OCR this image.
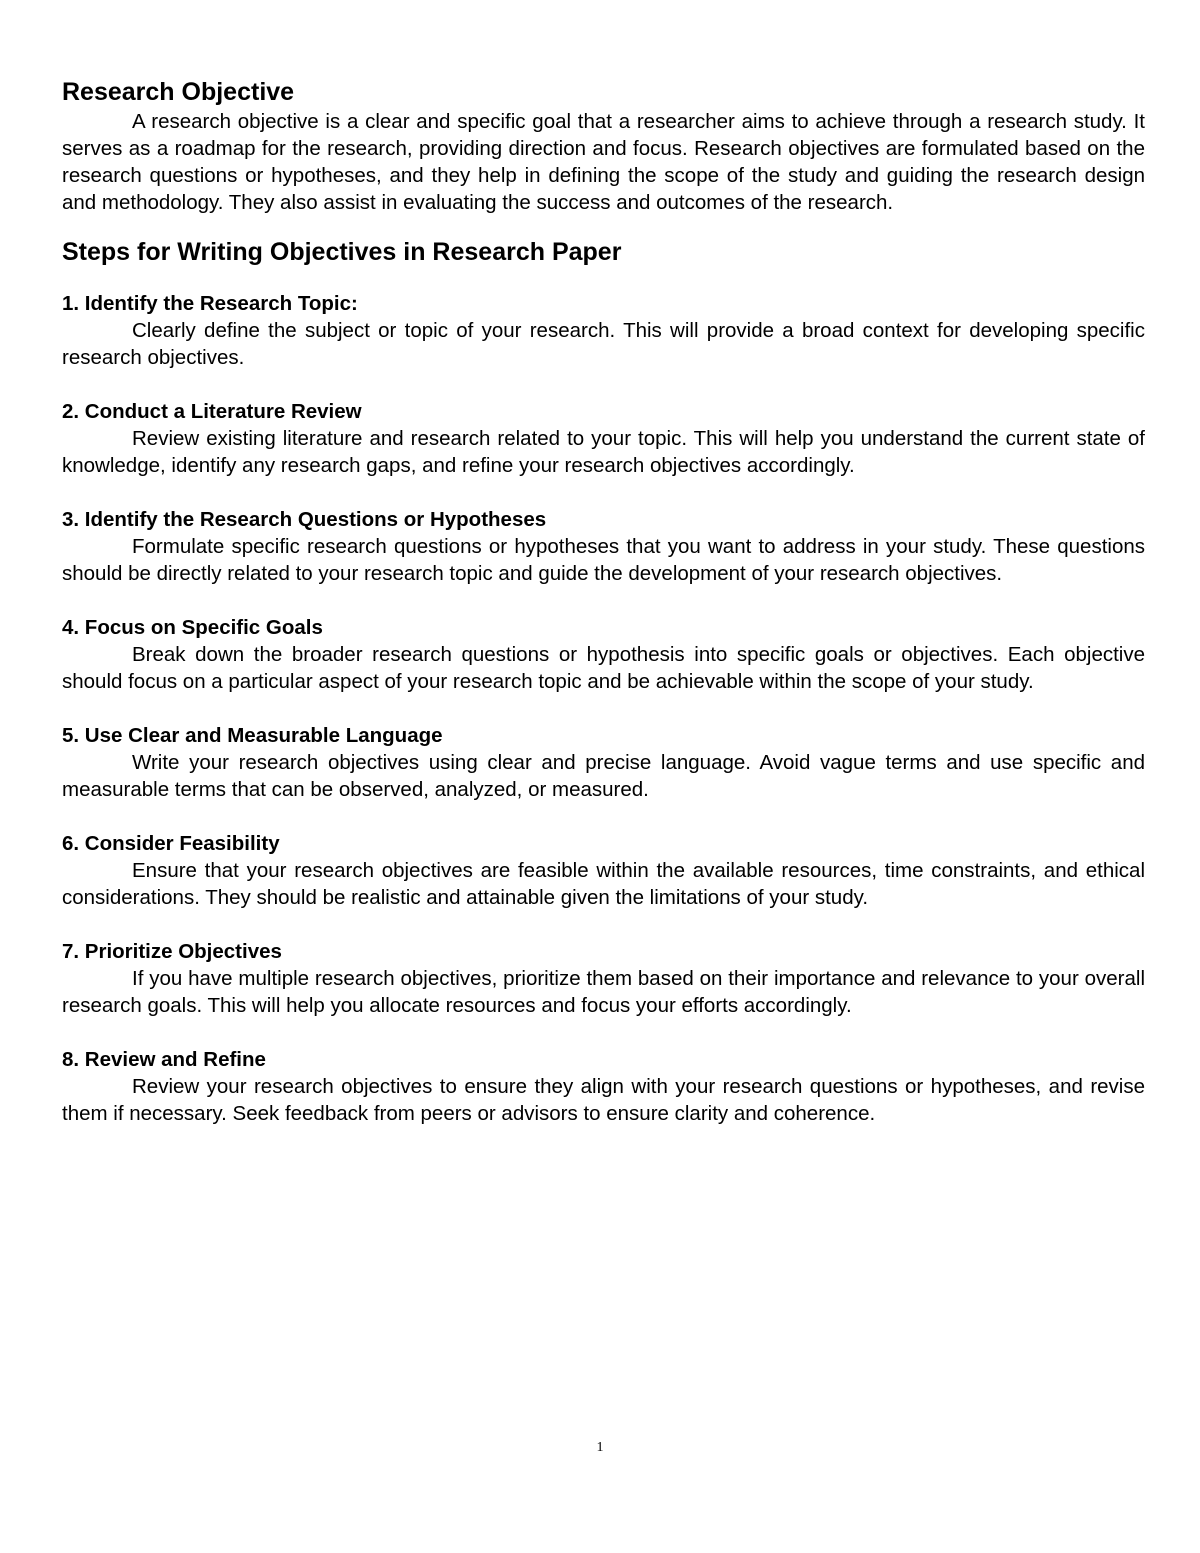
Research Objective

A research objective is a clear and specific goal that a researcher aims to achieve through a research study. It serves as a roadmap for the research, providing direction and focus. Research objectives are formulated based on the research questions or hypotheses, and they help in defining the scope of the study and guiding the research design and methodology. They also assist in evaluating the success and outcomes of the research.

Steps for Writing Objectives in Research Paper

1. Identify the Research Topic:

Clearly define the subject or topic of your research. This will provide a broad context for developing specific research objectives.

2. Conduct a Literature Review

Review existing literature and research related to your topic. This will help you understand the current state of knowledge, identify any research gaps, and refine your research objectives accordingly.

3. Identify the Research Questions or Hypotheses

Formulate specific research questions or hypotheses that you want to address in your study. These questions should be directly related to your research topic and guide the development of your research objectives.

4. Focus on Specific Goals

Break down the broader research questions or hypothesis into specific goals or objectives. Each objective should focus on a particular aspect of your research topic and be achievable within the scope of your study.

5. Use Clear and Measurable Language

Write your research objectives using clear and precise language. Avoid vague terms and use specific and measurable terms that can be observed, analyzed, or measured.

6. Consider Feasibility

Ensure that your research objectives are feasible within the available resources, time constraints, and ethical considerations. They should be realistic and attainable given the limitations of your study.

7. Prioritize Objectives

If you have multiple research objectives, prioritize them based on their importance and relevance to your overall research goals. This will help you allocate resources and focus your efforts accordingly.

8. Review and Refine

Review your research objectives to ensure they align with your research questions or hypotheses, and revise them if necessary. Seek feedback from peers or advisors to ensure clarity and coherence.

1
